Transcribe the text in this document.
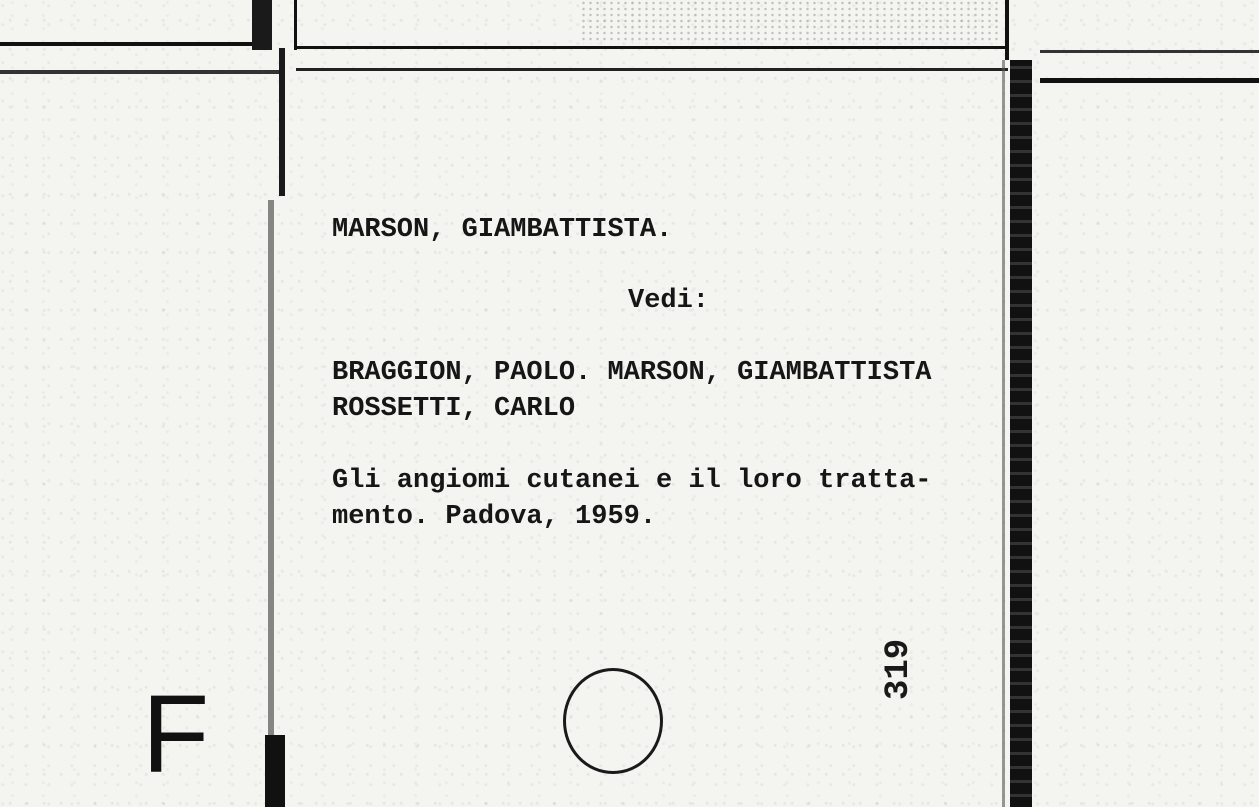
MARSON, GIAMBATTISTA.
Vedi:
BRAGGION, PAOLO. MARSON, GIAMBATTISTA
ROSSETTI, CARLO
Gli angiomi cutanei e il loro tratta-
mento. Padova, 1959.
319
F
